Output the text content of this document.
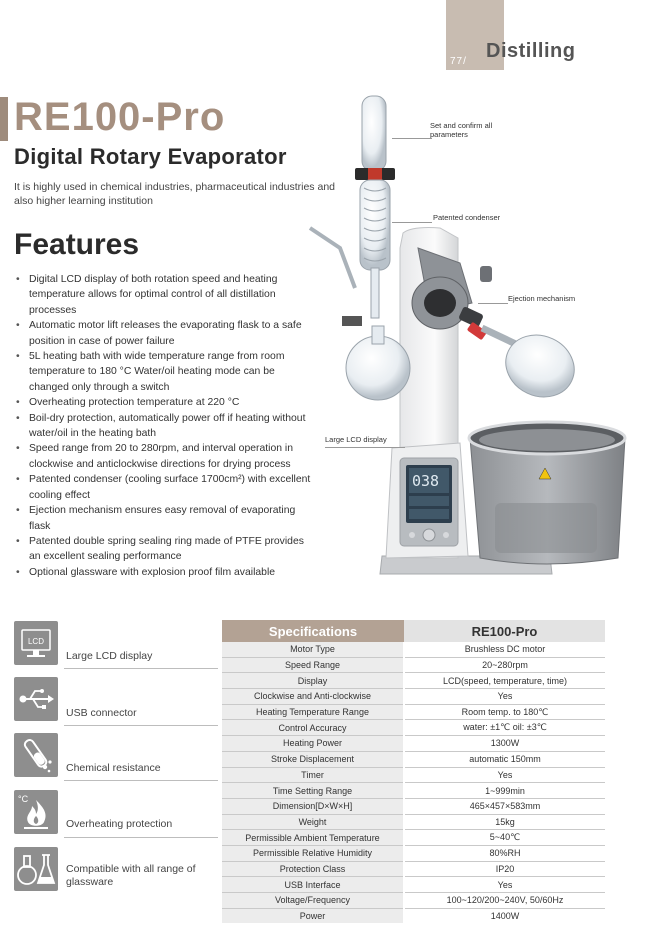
77/ Distilling
RE100-Pro
Digital Rotary Evaporator
It is highly used in chemical industries, pharmaceutical industries and also higher learning institution
Features
• Digital LCD display of both rotation speed and heating temperature allows for optimal control of all distillation processes
• Automatic motor lift releases the evaporating flask to a safe position in case of power failure
• 5L heating bath with wide temperature range from room temperature to 180 °C Water/oil heating mode can be changed only through a switch
• Overheating protection temperature at 220 °C
• Boil-dry protection, automatically power off if heating without water/oil in the heating bath
• Speed range from 20 to 280rpm, and interval operation in clockwise and anticlockwise directions for drying process
• Patented condenser (cooling surface 1700cm²) with excellent cooling effect
• Ejection mechanism ensures easy removal of evaporating flask
• Patented double spring sealing ring made of PTFE provides an excellent sealing performance
• Optional glassware with explosion proof film available
038
Set and confirm all parameters
Patented condenser
Ejection mechanism
Large LCD display
LCD
Large LCD display
USB connector
Chemical resistance
°C
Overheating protection
Compatible with all range of glassware
Specifications	RE100-Pro
Motor Type	Brushless DC motor
Speed Range	20~280rpm
Display	LCD(speed, temperature, time)
Clockwise and Anti-clockwise	Yes
Heating Temperature Range	Room temp. to 180℃
Control Accuracy	water: ±1℃ oil: ±3℃
Heating Power	1300W
Stroke Displacement	automatic 150mm
Timer	Yes
Time Setting Range	1~999min
Dimension[D×W×H]	465×457×583mm
Weight	15kg
Permissible Ambient Temperature	5~40℃
Permissible Relative Humidity	80%RH
Protection Class	IP20
USB Interface	Yes
Voltage/Frequency	100~120/200~240V, 50/60Hz
Power	1400W
